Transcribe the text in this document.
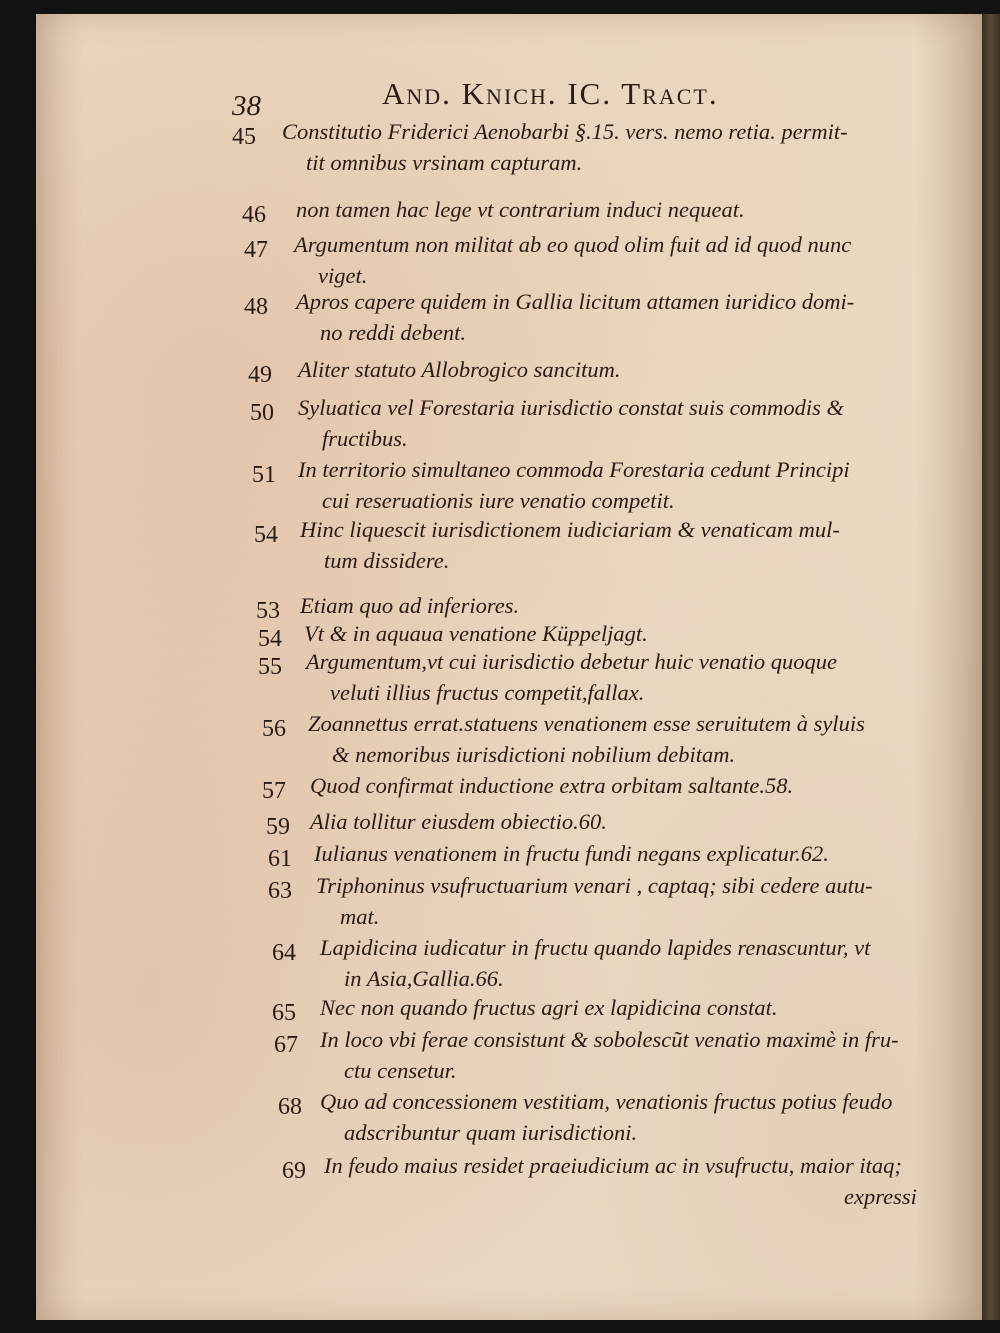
38	And. Knich. IC. Tract.
45	Constitutio Friderici Aenobarbi §.15. vers. nemo retia. permit-
tit omnibus vrsinam capturam.
46	non tamen hac lege vt contrarium induci nequeat.
47	Argumentum non militat ab eo quod olim fuit ad id quod nunc
viget.
48	Apros capere quidem in Gallia licitum attamen iuridico domi-
no reddi debent.
49	Aliter statuto Allobrogico sancitum.
50	Syluatica vel Forestaria iurisdictio constat suis commodis &
fructibus.
51 In territorio simultaneo commoda Forestaria cedunt Principi
cui reseruationis iure venatio competit.
54 Hinc liquescit iurisdictionem iudiciariam & venaticam mul-
tum dissidere.
53 Etiam quo ad inferiores.
54 Vt & in aquaua venatione Küppeljagt.
55	Argumentum,vt cui iurisdictio debetur huic venatio quoque
veluti illius fructus competit,fallax.
56 Zoannettus errat.statuens venationem esse seruitutem à syluis
& nemoribus iurisdictioni nobilium debitam.
57	Quod confirmat inductione extra orbitam saltante.58.
59 Alia tollitur eiusdem obiectio.60.
61 Iulianus venationem in fructu fundi negans explicatur.62.
63	Triphoninus vsufructuarium venari , captaq; sibi cedere autu-
mat.
64	Lapidicina iudicatur in fructu quando lapides renascuntur, vt
in Asia,Gallia.66.
65	Nec non quando fructus agri ex lapidicina constat.
67 In loco vbi ferae consistunt & sobolescũt venatio maximè in fru-
ctu censetur.
68 Quo ad concessionem vestitiam, venationis fructus potius feudo
adscribuntur quam iurisdictioni.
69 In feudo maius residet praeiudicium ac in vsufructu, maior itaq;
expressi
